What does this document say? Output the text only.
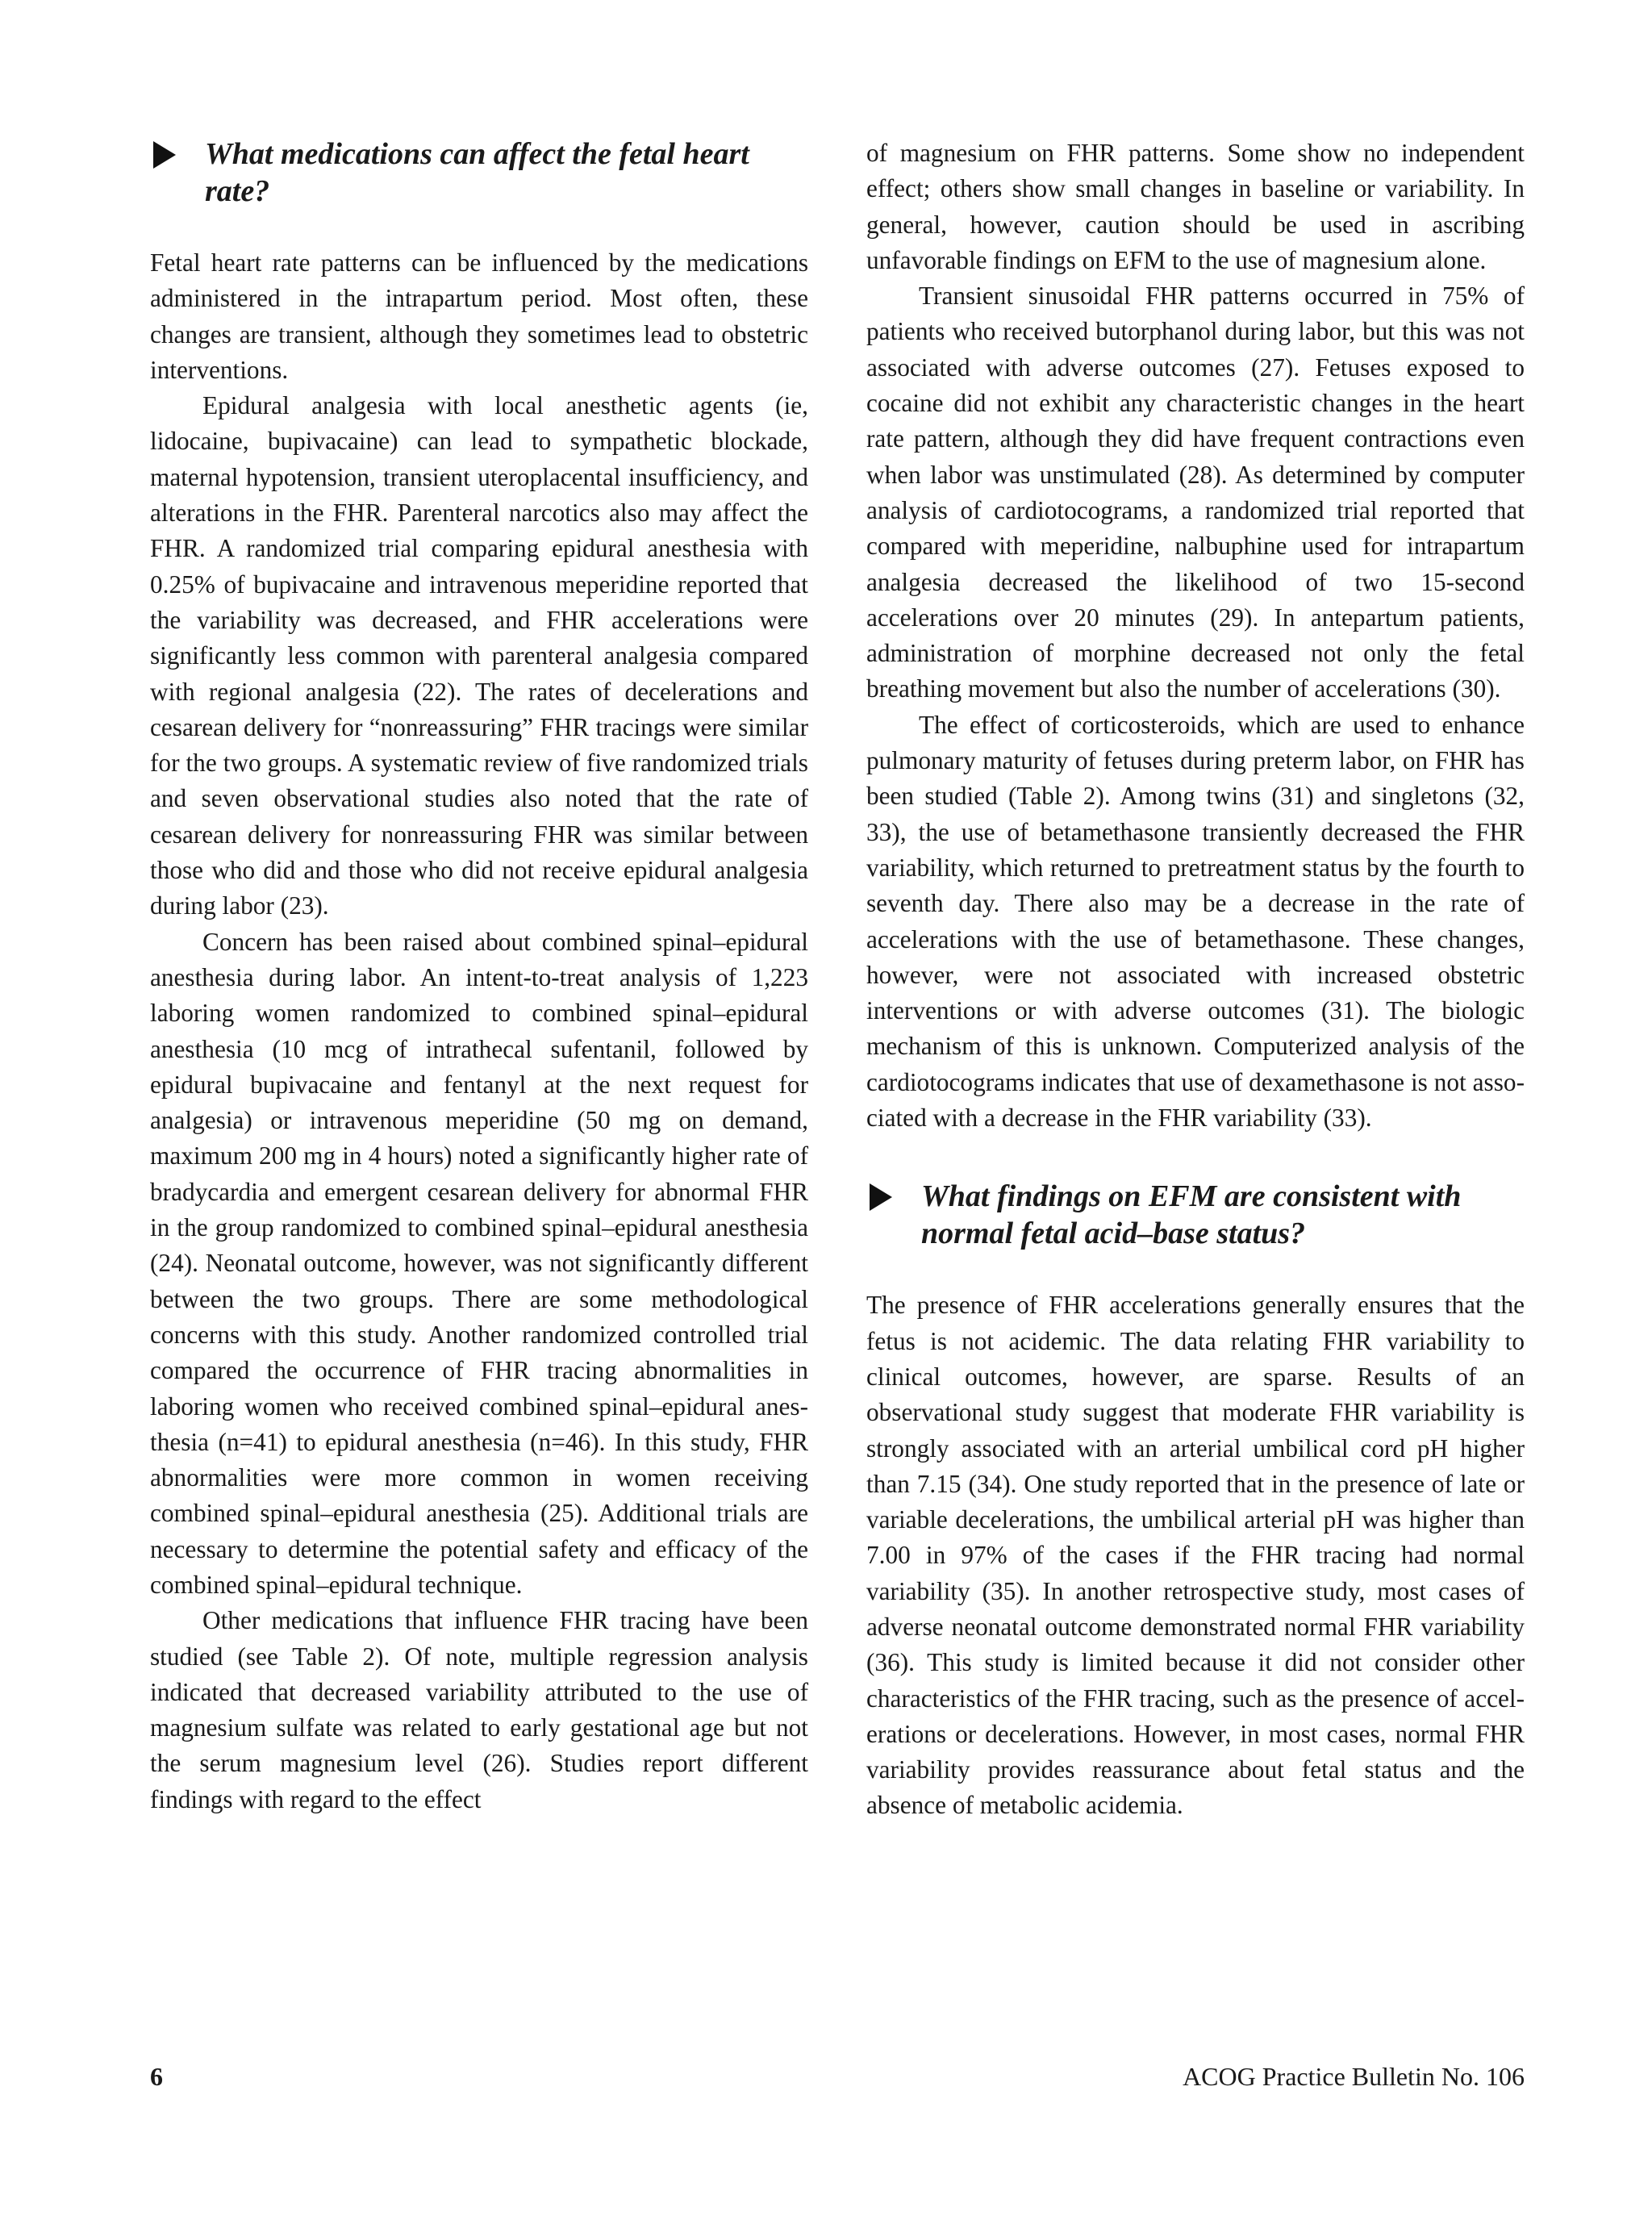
What medications can affect the fetal heart rate?

Fetal heart rate patterns can be influenced by the medications administered in the intrapartum period. Most often, these changes are transient, although they sometimes lead to obstetric interventions.

Epidural analgesia with local anesthetic agents (ie, lidocaine, bupivacaine) can lead to sympathetic blockade, maternal hypotension, transient uteroplacental insufficiency, and alterations in the FHR. Parenteral narcotics also may affect the FHR. A randomized trial comparing epidural anesthesia with 0.25% of bupivacaine and intravenous meperidine reported that the variability was decreased, and FHR accelerations were significantly less common with parenteral analgesia compared with regional analgesia (22). The rates of decelerations and cesarean delivery for “nonreassuring” FHR tracings were similar for the two groups. A systematic review of five randomized trials and seven observational studies also noted that the rate of cesarean delivery for nonreassuring FHR was similar between those who did and those who did not receive epidural analgesia during labor (23).

Concern has been raised about combined spinal–epidural anesthesia during labor. An intent-to-treat analysis of 1,223 laboring women randomized to combined spinal–epidural anesthesia (10 mcg of intrathecal sufentanil, followed by epidural bupivacaine and fentanyl at the next request for analgesia) or intravenous meperidine (50 mg on demand, maximum 200 mg in 4 hours) noted a significantly higher rate of bradycardia and emergent cesarean delivery for abnormal FHR in the group randomized to combined spinal–epidural anesthesia (24). Neonatal outcome, however, was not significantly different between the two groups. There are some methodological concerns with this study. Another randomized controlled trial compared the occurrence of FHR tracing abnormalities in laboring women who received combined spinal–epidural anesthesia (n=41) to epidural anesthesia (n=46). In this study, FHR abnormalities were more common in women receiving combined spinal–epidural anesthesia (25). Additional trials are necessary to determine the potential safety and efficacy of the combined spinal–epidural technique.

Other medications that influence FHR tracing have been studied (see Table 2). Of note, multiple regression analysis indicated that decreased variability attributed to the use of magnesium sulfate was related to early gestational age but not the serum magnesium level (26). Studies report different findings with regard to the effect

of magnesium on FHR patterns. Some show no independent effect; others show small changes in baseline or variability. In general, however, caution should be used in ascribing unfavorable findings on EFM to the use of magnesium alone.

Transient sinusoidal FHR patterns occurred in 75% of patients who received butorphanol during labor, but this was not associated with adverse outcomes (27). Fetuses exposed to cocaine did not exhibit any characteristic changes in the heart rate pattern, although they did have frequent contractions even when labor was unstimulated (28). As determined by computer analysis of cardiotocograms, a randomized trial reported that compared with meperidine, nalbuphine used for intrapartum analgesia decreased the likelihood of two 15-second accelerations over 20 minutes (29). In antepartum patients, administration of morphine decreased not only the fetal breathing movement but also the number of accelerations (30).

The effect of corticosteroids, which are used to enhance pulmonary maturity of fetuses during preterm labor, on FHR has been studied (Table 2). Among twins (31) and singletons (32, 33), the use of betamethasone transiently decreased the FHR variability, which returned to pretreatment status by the fourth to seventh day. There also may be a decrease in the rate of accelerations with the use of betamethasone. These changes, however, were not associated with increased obstetric interventions or with adverse outcomes (31). The biologic mechanism of this is unknown. Computerized analysis of the cardiotocograms indicates that use of dexamethasone is not associated with a decrease in the FHR variability (33).

What findings on EFM are consistent with normal fetal acid–base status?

The presence of FHR accelerations generally ensures that the fetus is not acidemic. The data relating FHR variability to clinical outcomes, however, are sparse. Results of an observational study suggest that moderate FHR variability is strongly associated with an arterial umbilical cord pH higher than 7.15 (34). One study reported that in the presence of late or variable decelerations, the umbilical arterial pH was higher than 7.00 in 97% of the cases if the FHR tracing had normal variability (35). In another retrospective study, most cases of adverse neonatal outcome demonstrated normal FHR variability (36). This study is limited because it did not consider other characteristics of the FHR tracing, such as the presence of accelerations or decelerations. However, in most cases, normal FHR variability provides reassurance about fetal status and the absence of metabolic acidemia.

6	ACOG Practice Bulletin No. 106
